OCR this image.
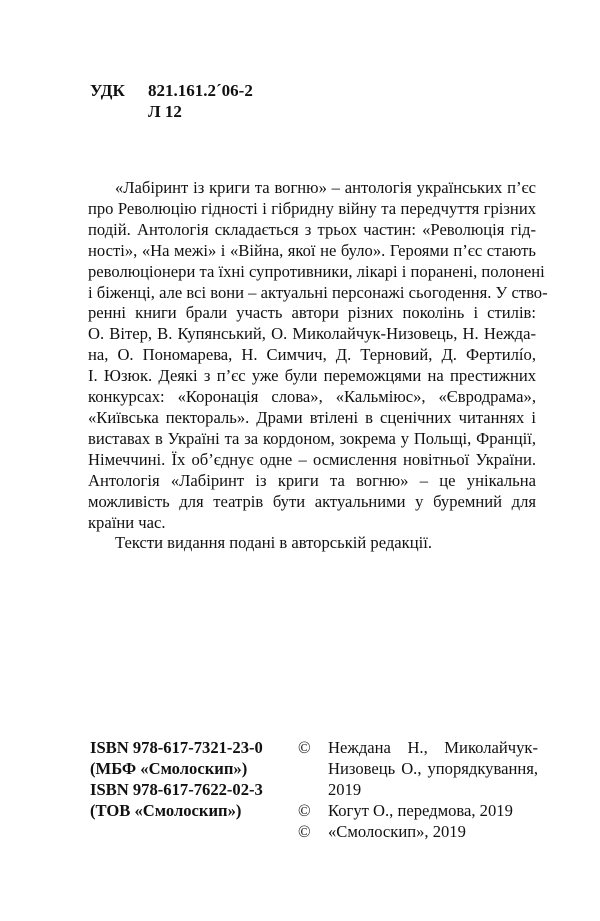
УДК	821.161.2´06-2
Л 12
«Лабіринт із криги та вогню» – антологія українських п’єс
про Революцію гідності і гібридну війну та передчуття грізних
подій. Антологія складається з трьох частин: «Революція гід-
ності», «На межі» і «Війна, якої не було». Героями п’єс стають
революціонери та їхні супротивники, лікарі і поранені, полонені
і біженці, але всі вони – актуальні персонажі сьогодення. У ство-
ренні книги брали участь автори різних поколінь і стилів:
О. Вітер, В. Купянський, О. Миколайчук-Низовець, Н. Нежда-
на, О. Пономарева, Н. Симчич, Д. Терновий, Д. Фертилío,
І. Юзюк. Деякі з п’єс уже були переможцями на престижних
конкурсах: «Коронація слова», «Кальміюс», «Євродрама»,
«Київська пектораль». Драми втілені в сценічних читаннях і
виставах в Україні та за кордоном, зокрема у Польщі, Франції,
Німеччині. Їх об’єднує одне – осмислення новітньої України.
Антологія «Лабіринт із криги та вогню» – це унікальна
можливість для театрів бути актуальними у буремний для
країни час.
Тексти видання подані в авторській редакції.
ISBN 978-617-7321-23-0
(МБФ «Смолоскип»)
ISBN 978-617-7622-02-3
(ТОВ «Смолоскип»)
©	Нежданa Н., Миколайчук-
Низовець О., упорядкування,
2019
©	Когут О., передмова, 2019
©	«Смолоскип», 2019
